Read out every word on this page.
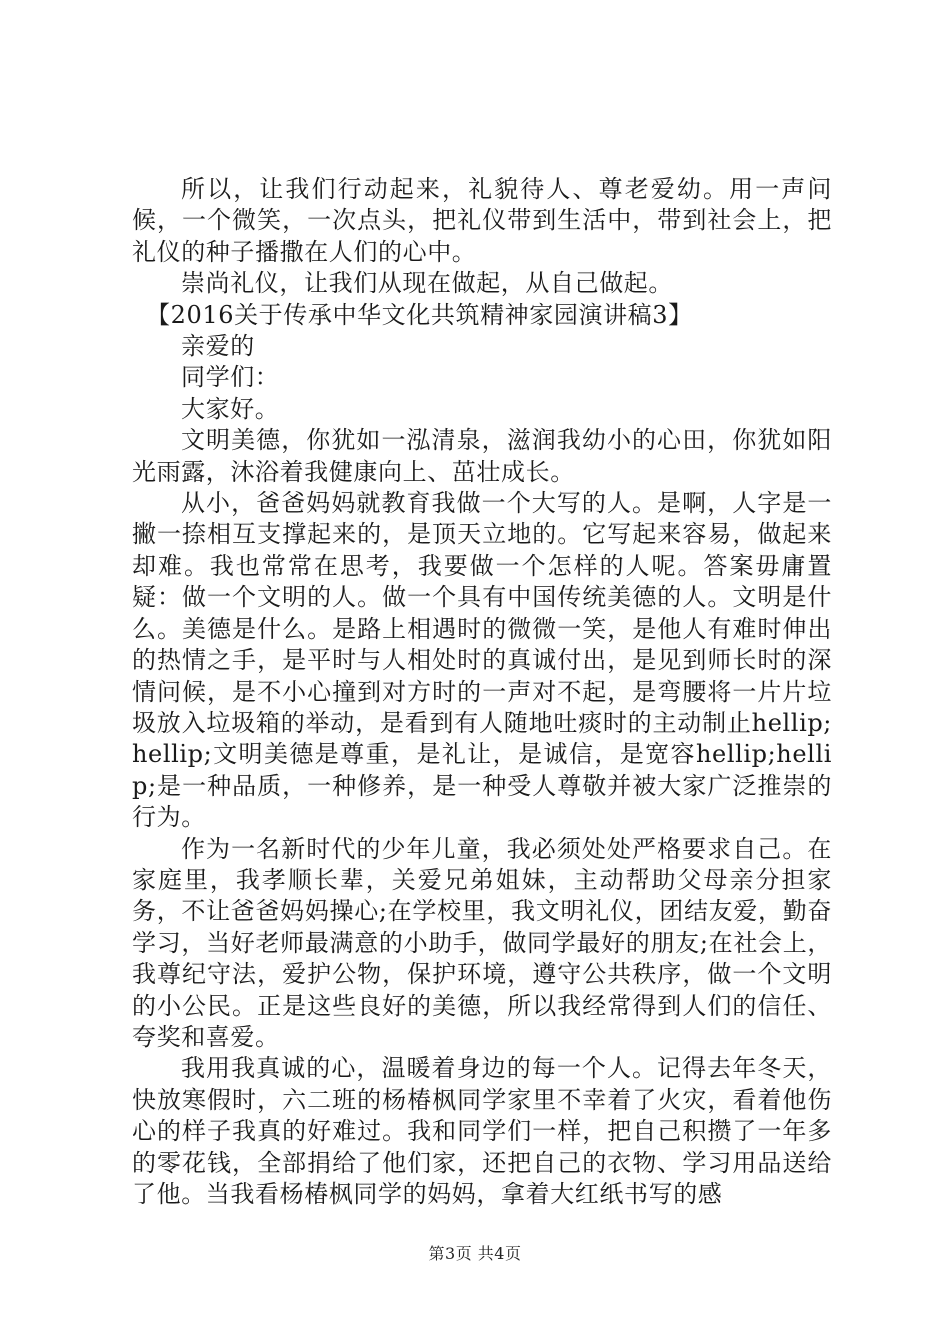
所以，让我们行动起来，礼貌待人、尊老爱幼。用一声问候，一个微笑，一次点头，把礼仪带到生活中，带到社会上，把礼仪的种子播撒在人们的心中。

崇尚礼仪，让我们从现在做起，从自己做起。

【2016关于传承中华文化共筑精神家园演讲稿3】

亲爱的

同学们：

大家好。

文明美德，你犹如一泓清泉，滋润我幼小的心田，你犹如阳光雨露，沐浴着我健康向上、茁壮成长。

从小，爸爸妈妈就教育我做一个大写的人。是啊，人字是一撇一捺相互支撑起来的，是顶天立地的。它写起来容易，做起来却难。我也常常在思考，我要做一个怎样的人呢。答案毋庸置疑：做一个文明的人。做一个具有中国传统美德的人。文明是什么。美德是什么。是路上相遇时的微微一笑，是他人有难时伸出的热情之手，是平时与人相处时的真诚付出，是见到师长时的深情问候，是不小心撞到对方时的一声对不起，是弯腰将一片片垃圾放入垃圾箱的举动，是看到有人随地吐痰时的主动制止hellip;hellip;文明美德是尊重，是礼让，是诚信，是宽容hellip;hellip;是一种品质，一种修养，是一种受人尊敬并被大家广泛推崇的行为。

作为一名新时代的少年儿童，我必须处处严格要求自己。在家庭里，我孝顺长辈，关爱兄弟姐妹，主动帮助父母亲分担家务，不让爸爸妈妈操心;在学校里，我文明礼仪，团结友爱，勤奋学习，当好老师最满意的小助手，做同学最好的朋友;在社会上，我尊纪守法，爱护公物，保护环境，遵守公共秩序，做一个文明的小公民。正是这些良好的美德，所以我经常得到人们的信任、夸奖和喜爱。

我用我真诚的心，温暖着身边的每一个人。记得去年冬天，快放寒假时，六二班的杨椿枫同学家里不幸着了火灾，看着他伤心的样子我真的好难过。我和同学们一样，把自己积攒了一年多的零花钱，全部捐给了他们家，还把自己的衣物、学习用品送给了他。当我看杨椿枫同学的妈妈，拿着大红纸书写的感

第3页 共4页
